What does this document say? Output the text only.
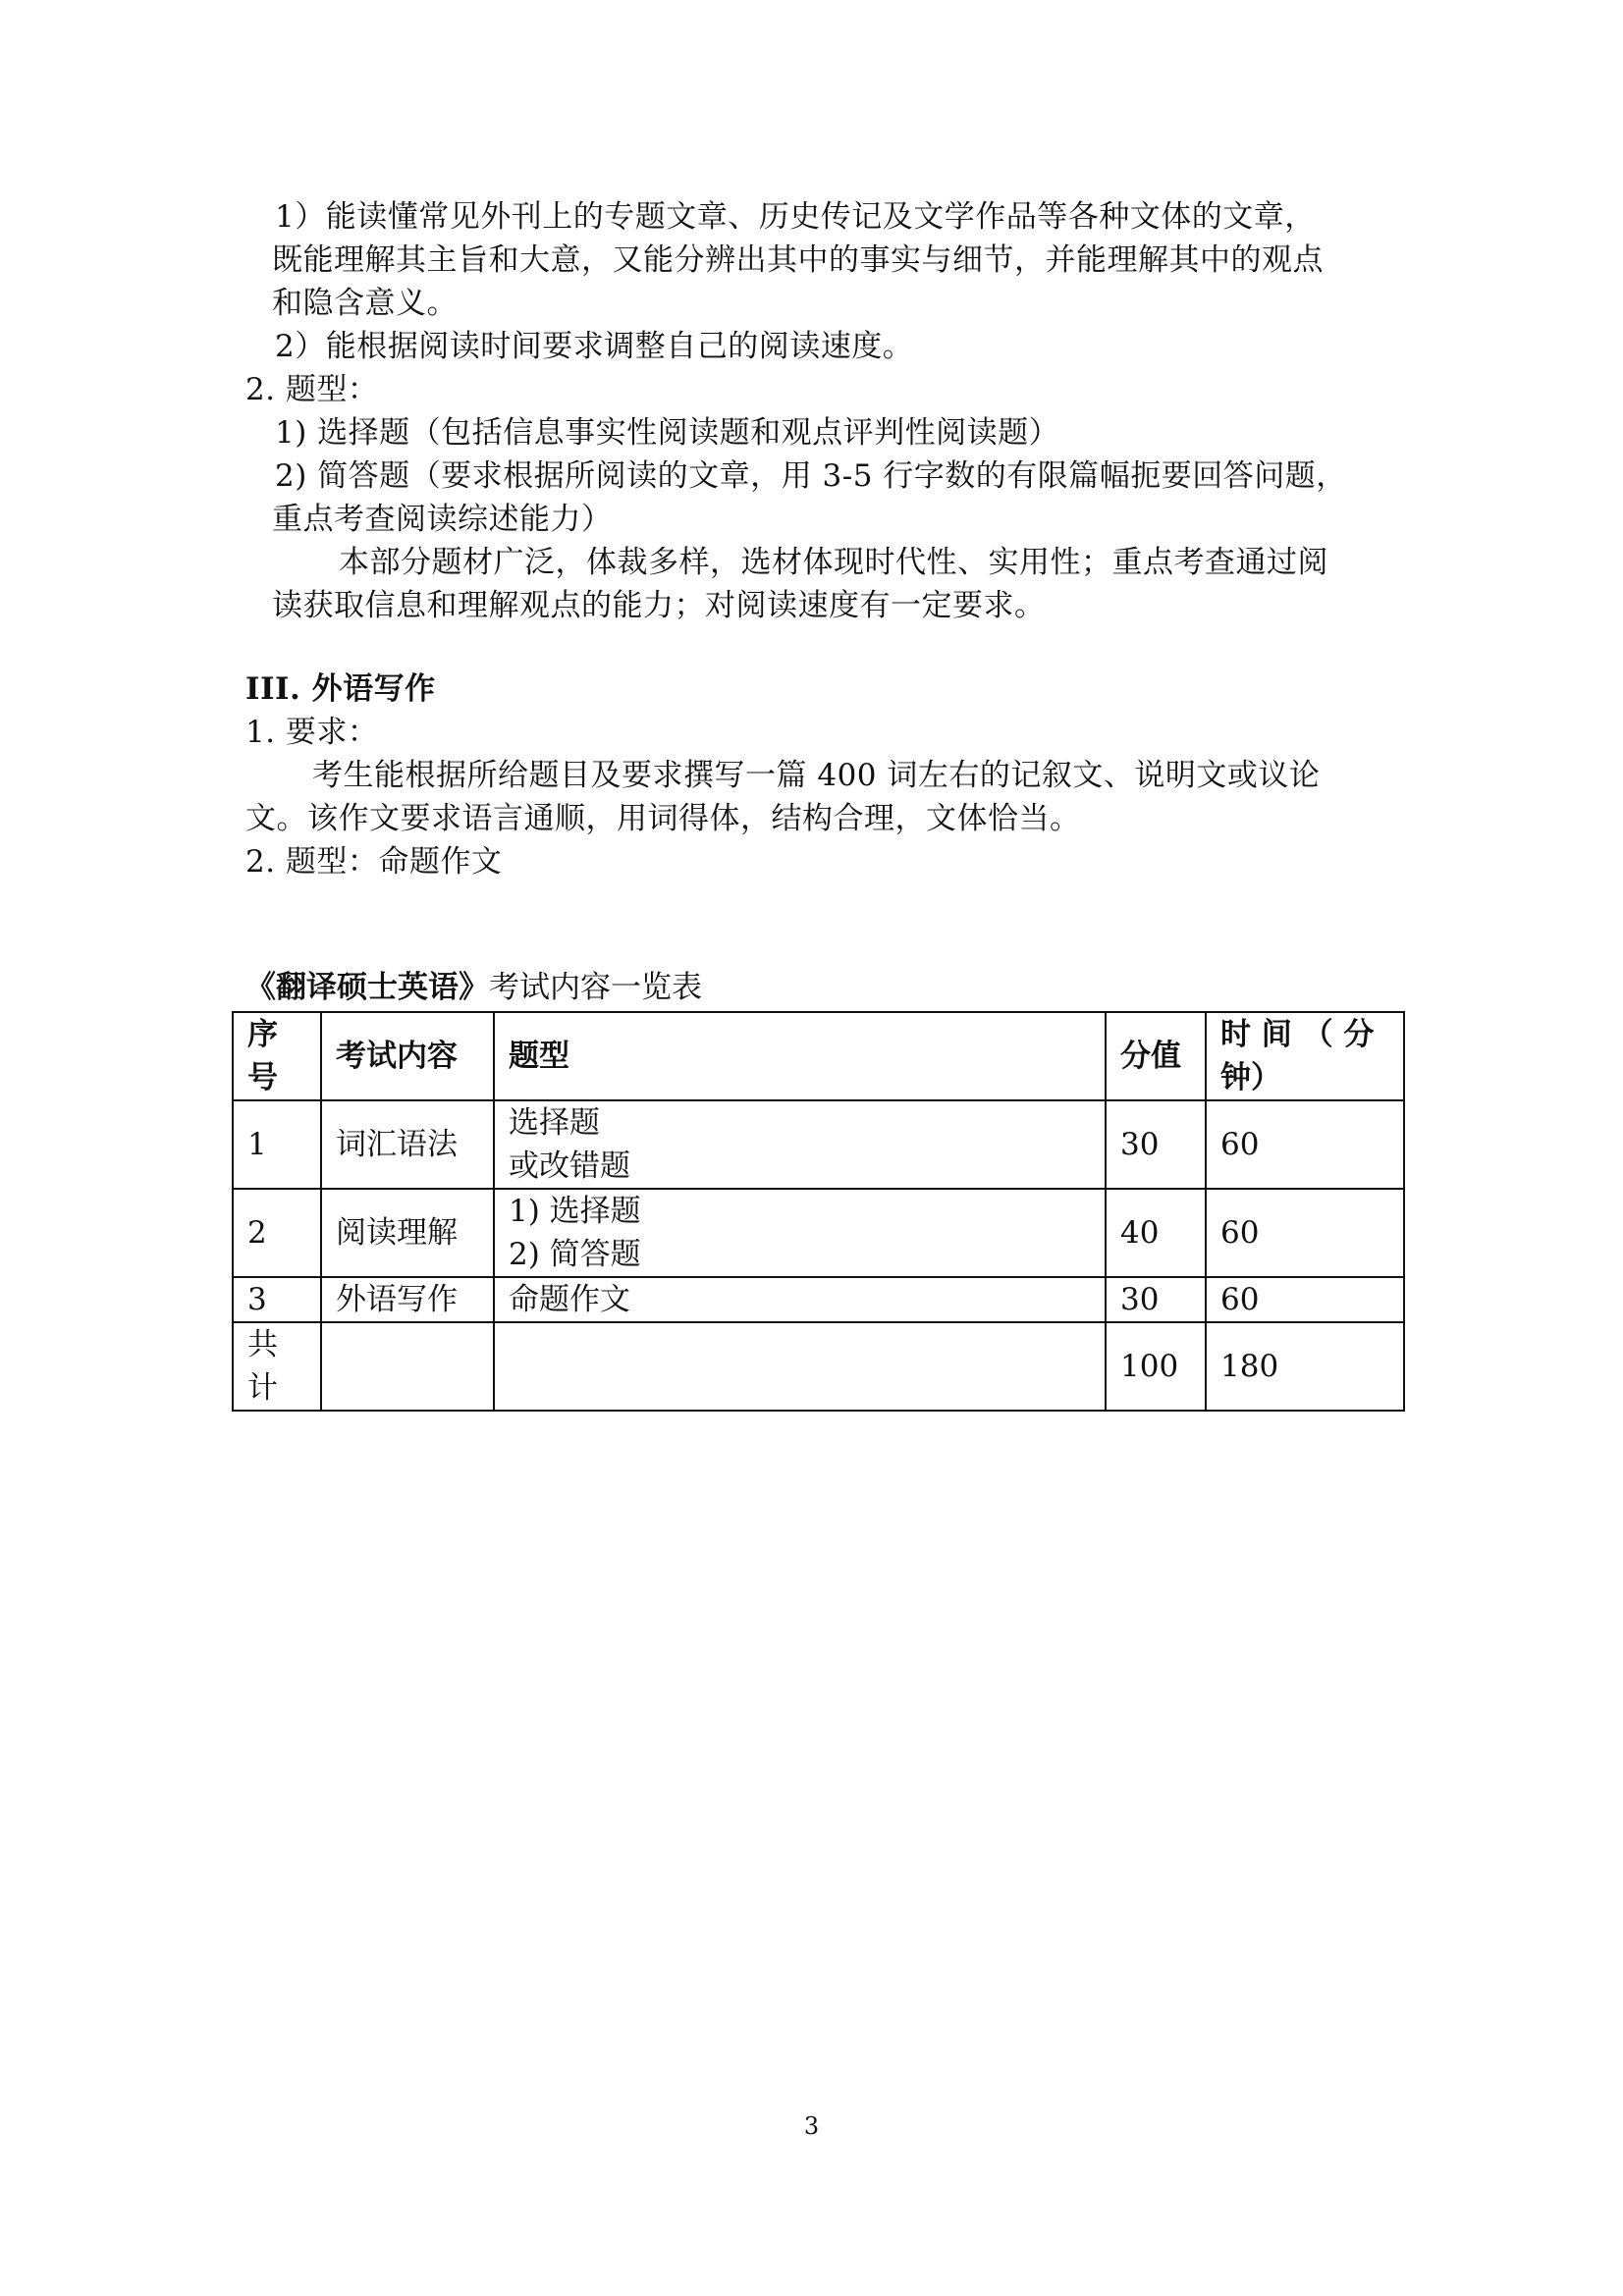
1）能读懂常见外刊上的专题文章、历史传记及文学作品等各种文体的文章，
既能理解其主旨和大意，又能分辨出其中的事实与细节，并能理解其中的观点
和隐含意义。
2）能根据阅读时间要求调整自己的阅读速度。
2. 题型：
1) 选择题（包括信息事实性阅读题和观点评判性阅读题）
2) 简答题（要求根据所阅读的文章，用 3-5 行字数的有限篇幅扼要回答问题，
重点考查阅读综述能力）
本部分题材广泛，体裁多样，选材体现时代性、实用性；重点考查通过阅
读获取信息和理解观点的能力；对阅读速度有一定要求。
III. 外语写作
1. 要求：
考生能根据所给题目及要求撰写一篇 400 词左右的记叙文、说明文或议论
文。该作文要求语言通顺，用词得体，结构合理，文体恰当。
2. 题型：命题作文
《翻译硕士英语》考试内容一览表
序
号	考试内容	题型	分值	时 间 （ 分
钟）

1	词汇语法	选择题
或改错题	30	60
2	阅读理解	1) 选择题
2) 简答题	40	60
3	外语写作	命题作文	30	60

共
计			100	180
3
